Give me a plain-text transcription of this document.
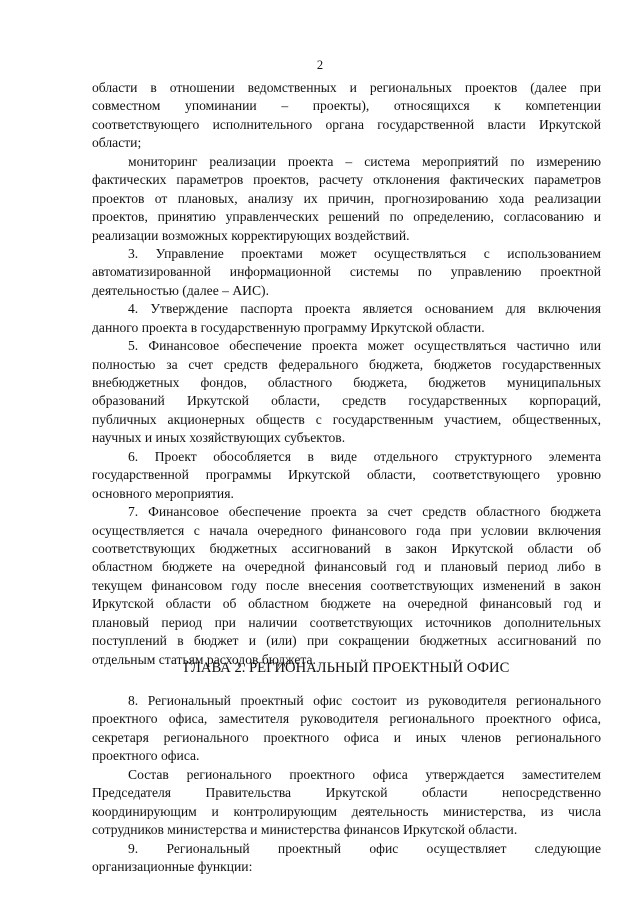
2
области в отношении ведомственных и региональных проектов (далее при
совместном упоминании – проекты), относящихся к компетенции
соответствующего исполнительного органа государственной власти Иркутской
области;
мониторинг реализации проекта – система мероприятий по измерению
фактических параметров проектов, расчету отклонения фактических параметров
проектов от плановых, анализу их причин, прогнозированию хода реализации
проектов, принятию управленческих решений по определению, согласованию и
реализации возможных корректирующих воздействий.
3. Управление проектами может осуществляться с использованием
автоматизированной информационной системы по управлению проектной
деятельностью (далее – АИС).
4. Утверждение паспорта проекта является основанием для включения
данного проекта в государственную программу Иркутской области.
5. Финансовое обеспечение проекта может осуществляться частично или
полностью за счет средств федерального бюджета, бюджетов государственных
внебюджетных фондов, областного бюджета, бюджетов муниципальных
образований Иркутской области, средств государственных корпораций,
публичных акционерных обществ с государственным участием, общественных,
научных и иных хозяйствующих субъектов.
6. Проект обособляется в виде отдельного структурного элемента
государственной программы Иркутской области, соответствующего уровню
основного мероприятия.
7. Финансовое обеспечение проекта за счет средств областного бюджета
осуществляется с начала очередного финансового года при условии включения
соответствующих бюджетных ассигнований в закон Иркутской области об
областном бюджете на очередной финансовый год и плановый период либо в
текущем финансовом году после внесения соответствующих изменений в закон
Иркутской области об областном бюджете на очередной финансовый год и
плановый период при наличии соответствующих источников дополнительных
поступлений в бюджет и (или) при сокращении бюджетных ассигнований по
отдельным статьям расходов бюджета.
ГЛАВА 2. РЕГИОНАЛЬНЫЙ ПРОЕКТНЫЙ ОФИС
8. Региональный проектный офис состоит из руководителя регионального
проектного офиса, заместителя руководителя регионального проектного офиса,
секретаря регионального проектного офиса и иных членов регионального
проектного офиса.
Состав регионального проектного офиса утверждается заместителем
Председателя Правительства Иркутской области непосредственно
координирующим и контролирующим деятельность министерства, из числа
сотрудников министерства и министерства финансов Иркутской области.
9. Региональный проектный офис осуществляет следующие
организационные функции:
